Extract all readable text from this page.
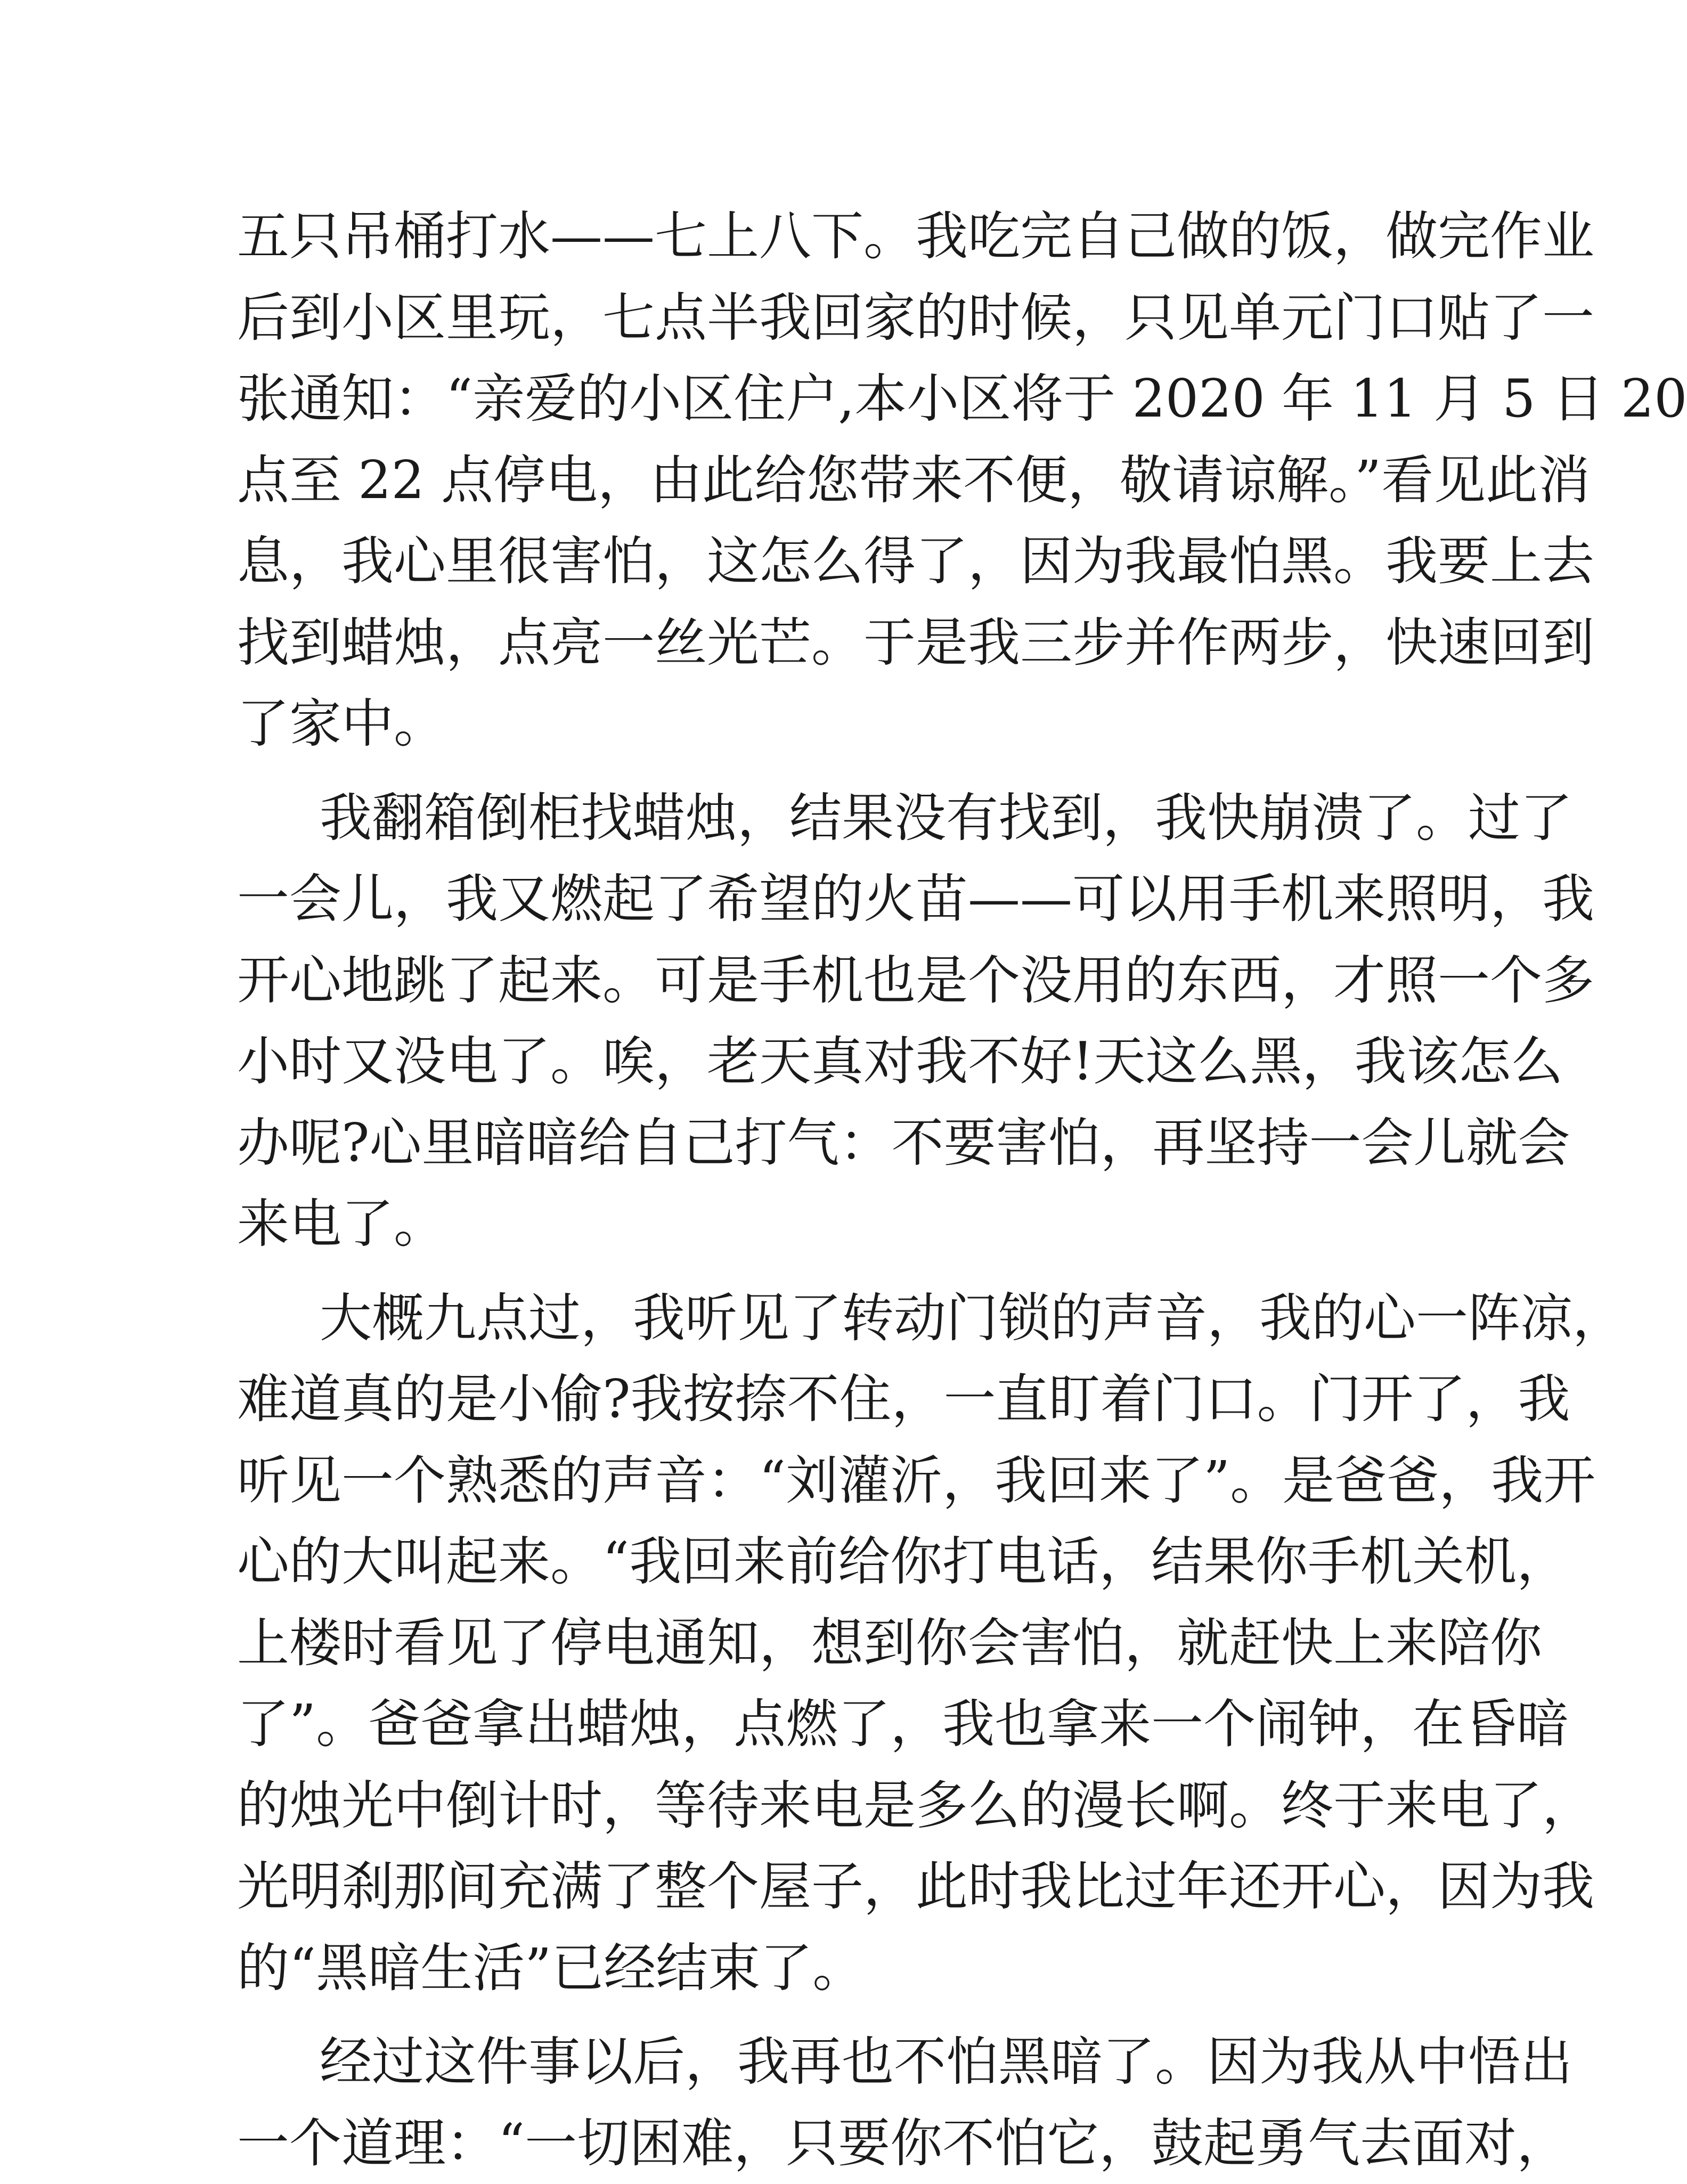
五只吊桶打水——七上八下。我吃完自己做的饭，做完作业
后到小区里玩，七点半我回家的时候，只见单元门口贴了一
张通知：“亲爱的小区住户,本小区将于 2020 年 11 月 5 日 20
点至 22 点停电，由此给您带来不便，敬请谅解。”看见此消
息，我心里很害怕，这怎么得了，因为我最怕黑。我要上去
找到蜡烛，点亮一丝光芒。于是我三步并作两步，快速回到
了家中。
我翻箱倒柜找蜡烛，结果没有找到，我快崩溃了。过了
一会儿，我又燃起了希望的火苗——可以用手机来照明，我
开心地跳了起来。可是手机也是个没用的东西，才照一个多
小时又没电了。唉，老天真对我不好!天这么黑，我该怎么
办呢?心里暗暗给自己打气：不要害怕，再坚持一会儿就会
来电了。
大概九点过，我听见了转动门锁的声音，我的心一阵凉，
难道真的是小偷?我按捺不住，一直盯着门口。门开了，我
听见一个熟悉的声音：“刘灌沂，我回来了”。是爸爸，我开
心的大叫起来。“我回来前给你打电话，结果你手机关机，
上楼时看见了停电通知，想到你会害怕，就赶快上来陪你
了”。爸爸拿出蜡烛，点燃了，我也拿来一个闹钟，在昏暗
的烛光中倒计时，等待来电是多么的漫长啊。终于来电了，
光明刹那间充满了整个屋子，此时我比过年还开心，因为我
的“黑暗生活”已经结束了。
经过这件事以后，我再也不怕黑暗了。因为我从中悟出
一个道理：“一切困难，只要你不怕它，鼓起勇气去面对，
